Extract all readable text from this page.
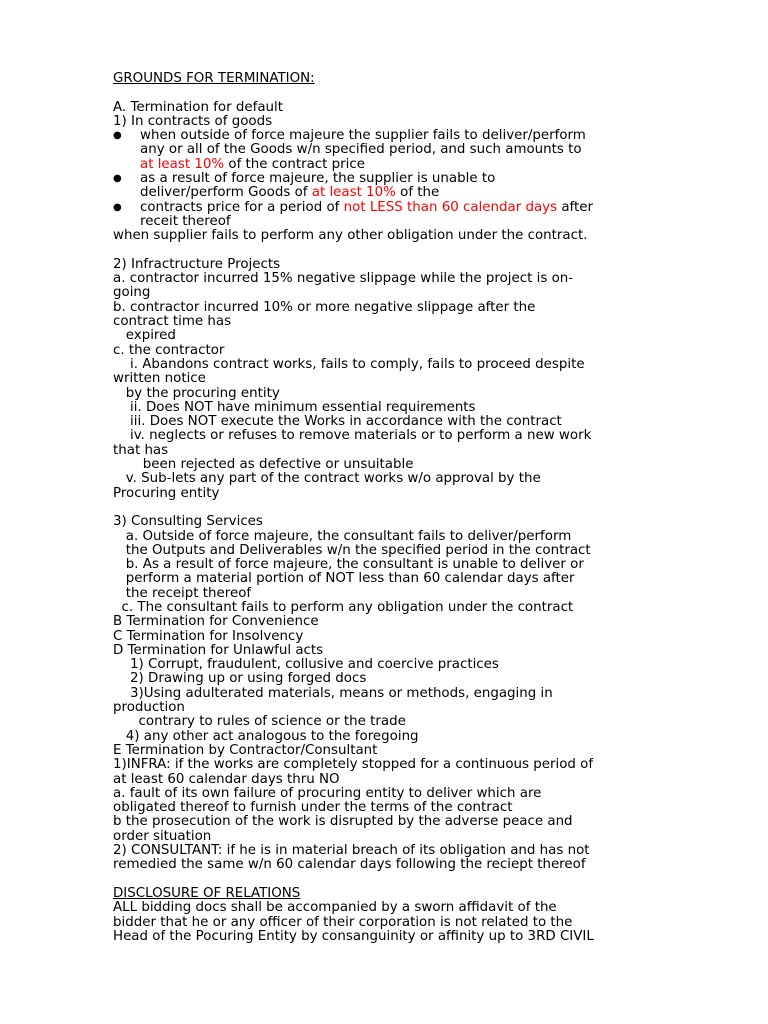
GROUNDS FOR TERMINATION:
A. Termination for default
1) In contracts of goods
● when outside of force majeure the supplier fails to deliver/perform
any or all of the Goods w/n specified period, and such amounts to
at least 10% of the contract price
● as a result of force majeure, the supplier is unable to
deliver/perform Goods of at least 10% of the
● contracts price for a period of not LESS than 60 calendar days after
receit thereof
when supplier fails to perform any other obligation under the contract.
2) Infractructure Projects
a. contractor incurred 15% negative slippage while the project is on-
going
b. contractor incurred 10% or more negative slippage after the
contract time has
expired
c. the contractor
i. Abandons contract works, fails to comply, fails to proceed despite
written notice
by the procuring entity
ii. Does NOT have minimum essential requirements
iii. Does NOT execute the Works in accordance with the contract
iv. neglects or refuses to remove materials or to perform a new work
that has
been rejected as defective or unsuitable
v. Sub-lets any part of the contract works w/o approval by the
Procuring entity
3) Consulting Services
a. Outside of force majeure, the consultant fails to deliver/perform
the Outputs and Deliverables w/n the specified period in the contract
b. As a result of force majeure, the consultant is unable to deliver or
perform a material portion of NOT less than 60 calendar days after
the receipt thereof
c. The consultant fails to perform any obligation under the contract
B Termination for Convenience
C Termination for Insolvency
D Termination for Unlawful acts
1) Corrupt, fraudulent, collusive and coercive practices
2) Drawing up or using forged docs
3)Using adulterated materials, means or methods, engaging in
production
contrary to rules of science or the trade
4) any other act analogous to the foregoing
E Termination by Contractor/Consultant
1)INFRA: if the works are completely stopped for a continuous period of
at least 60 calendar days thru NO
a. fault of its own failure of procuring entity to deliver which are
obligated thereof to furnish under the terms of the contract
b the prosecution of the work is disrupted by the adverse peace and
order situation
2) CONSULTANT: if he is in material breach of its obligation and has not
remedied the same w/n 60 calendar days following the reciept thereof
DISCLOSURE OF RELATIONS
ALL bidding docs shall be accompanied by a sworn affidavit of the
bidder that he or any officer of their corporation is not related to the
Head of the Pocuring Entity by consanguinity or affinity up to 3RD CIVIL
